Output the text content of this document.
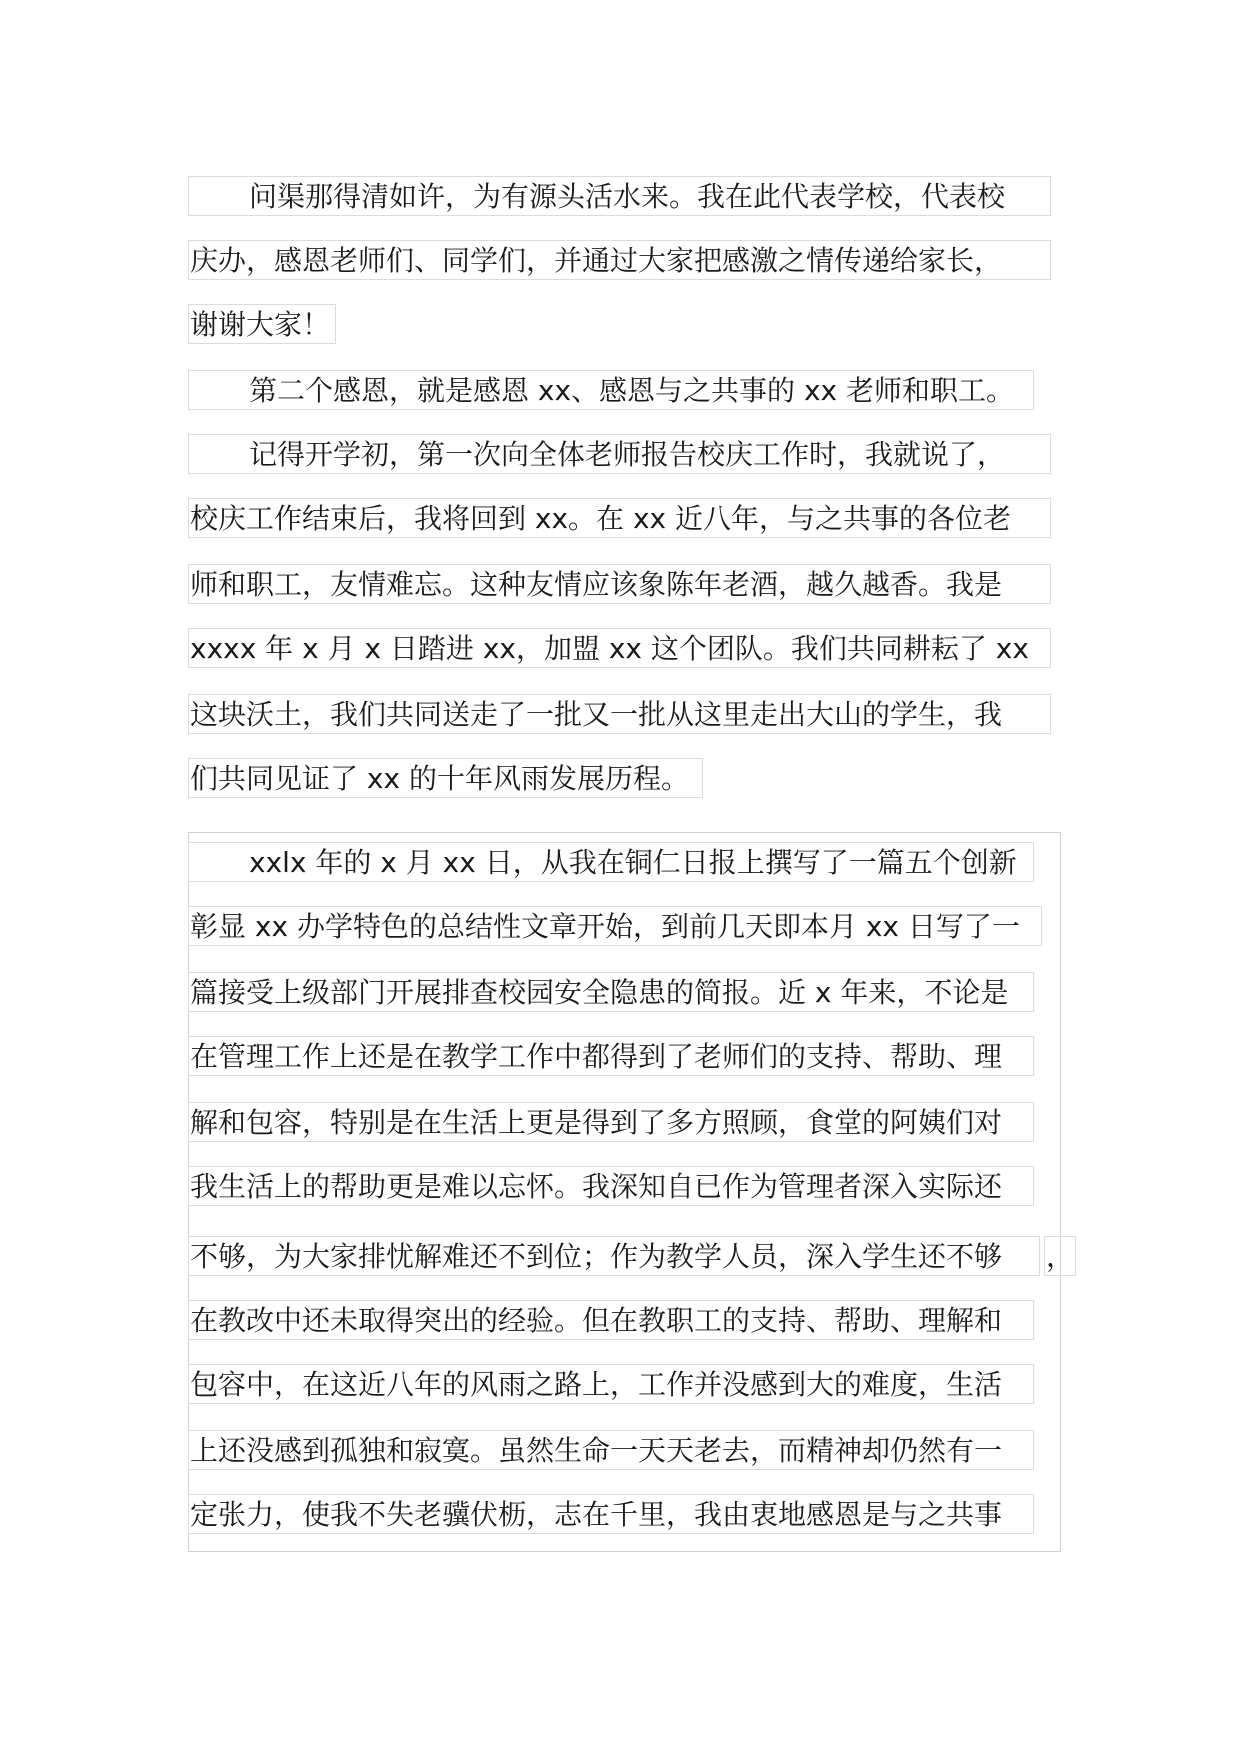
问渠那得清如许，为有源头活水来。我在此代表学校，代表校
庆办，感恩老师们、同学们，并通过大家把感激之情传递给家长，
谢谢大家！
第二个感恩，就是感恩 xx、感恩与之共事的 xx 老师和职工。
记得开学初，第一次向全体老师报告校庆工作时，我就说了，
校庆工作结束后，我将回到 xx。在 xx 近八年，与之共事的各位老
师和职工，友情难忘。这种友情应该象陈年老酒，越久越香。我是
xxxx 年 x 月 x 日踏进 xx，加盟 xx 这个团队。我们共同耕耘了 xx
这块沃土，我们共同送走了一批又一批从这里走出大山的学生，我
们共同见证了 xx 的十年风雨发展历程。
xxlx 年的 x 月 xx 日，从我在铜仁日报上撰写了一篇五个创新
彰显 xx 办学特色的总结性文章开始，到前几天即本月 xx 日写了一
篇接受上级部门开展排查校园安全隐患的简报。近 x 年来，不论是
在管理工作上还是在教学工作中都得到了老师们的支持、帮助、理
解和包容，特别是在生活上更是得到了多方照顾，食堂的阿姨们对
我生活上的帮助更是难以忘怀。我深知自已作为管理者深入实际还
不够，为大家排忧解难还不到位；作为教学人员，深入学生还不够	，
在教改中还未取得突出的经验。但在教职工的支持、帮助、理解和
包容中，在这近八年的风雨之路上，工作并没感到大的难度，生活
上还没感到孤独和寂寞。虽然生命一天天老去，而精神却仍然有一
定张力，使我不失老骥伏枥，志在千里，我由衷地感恩是与之共事
